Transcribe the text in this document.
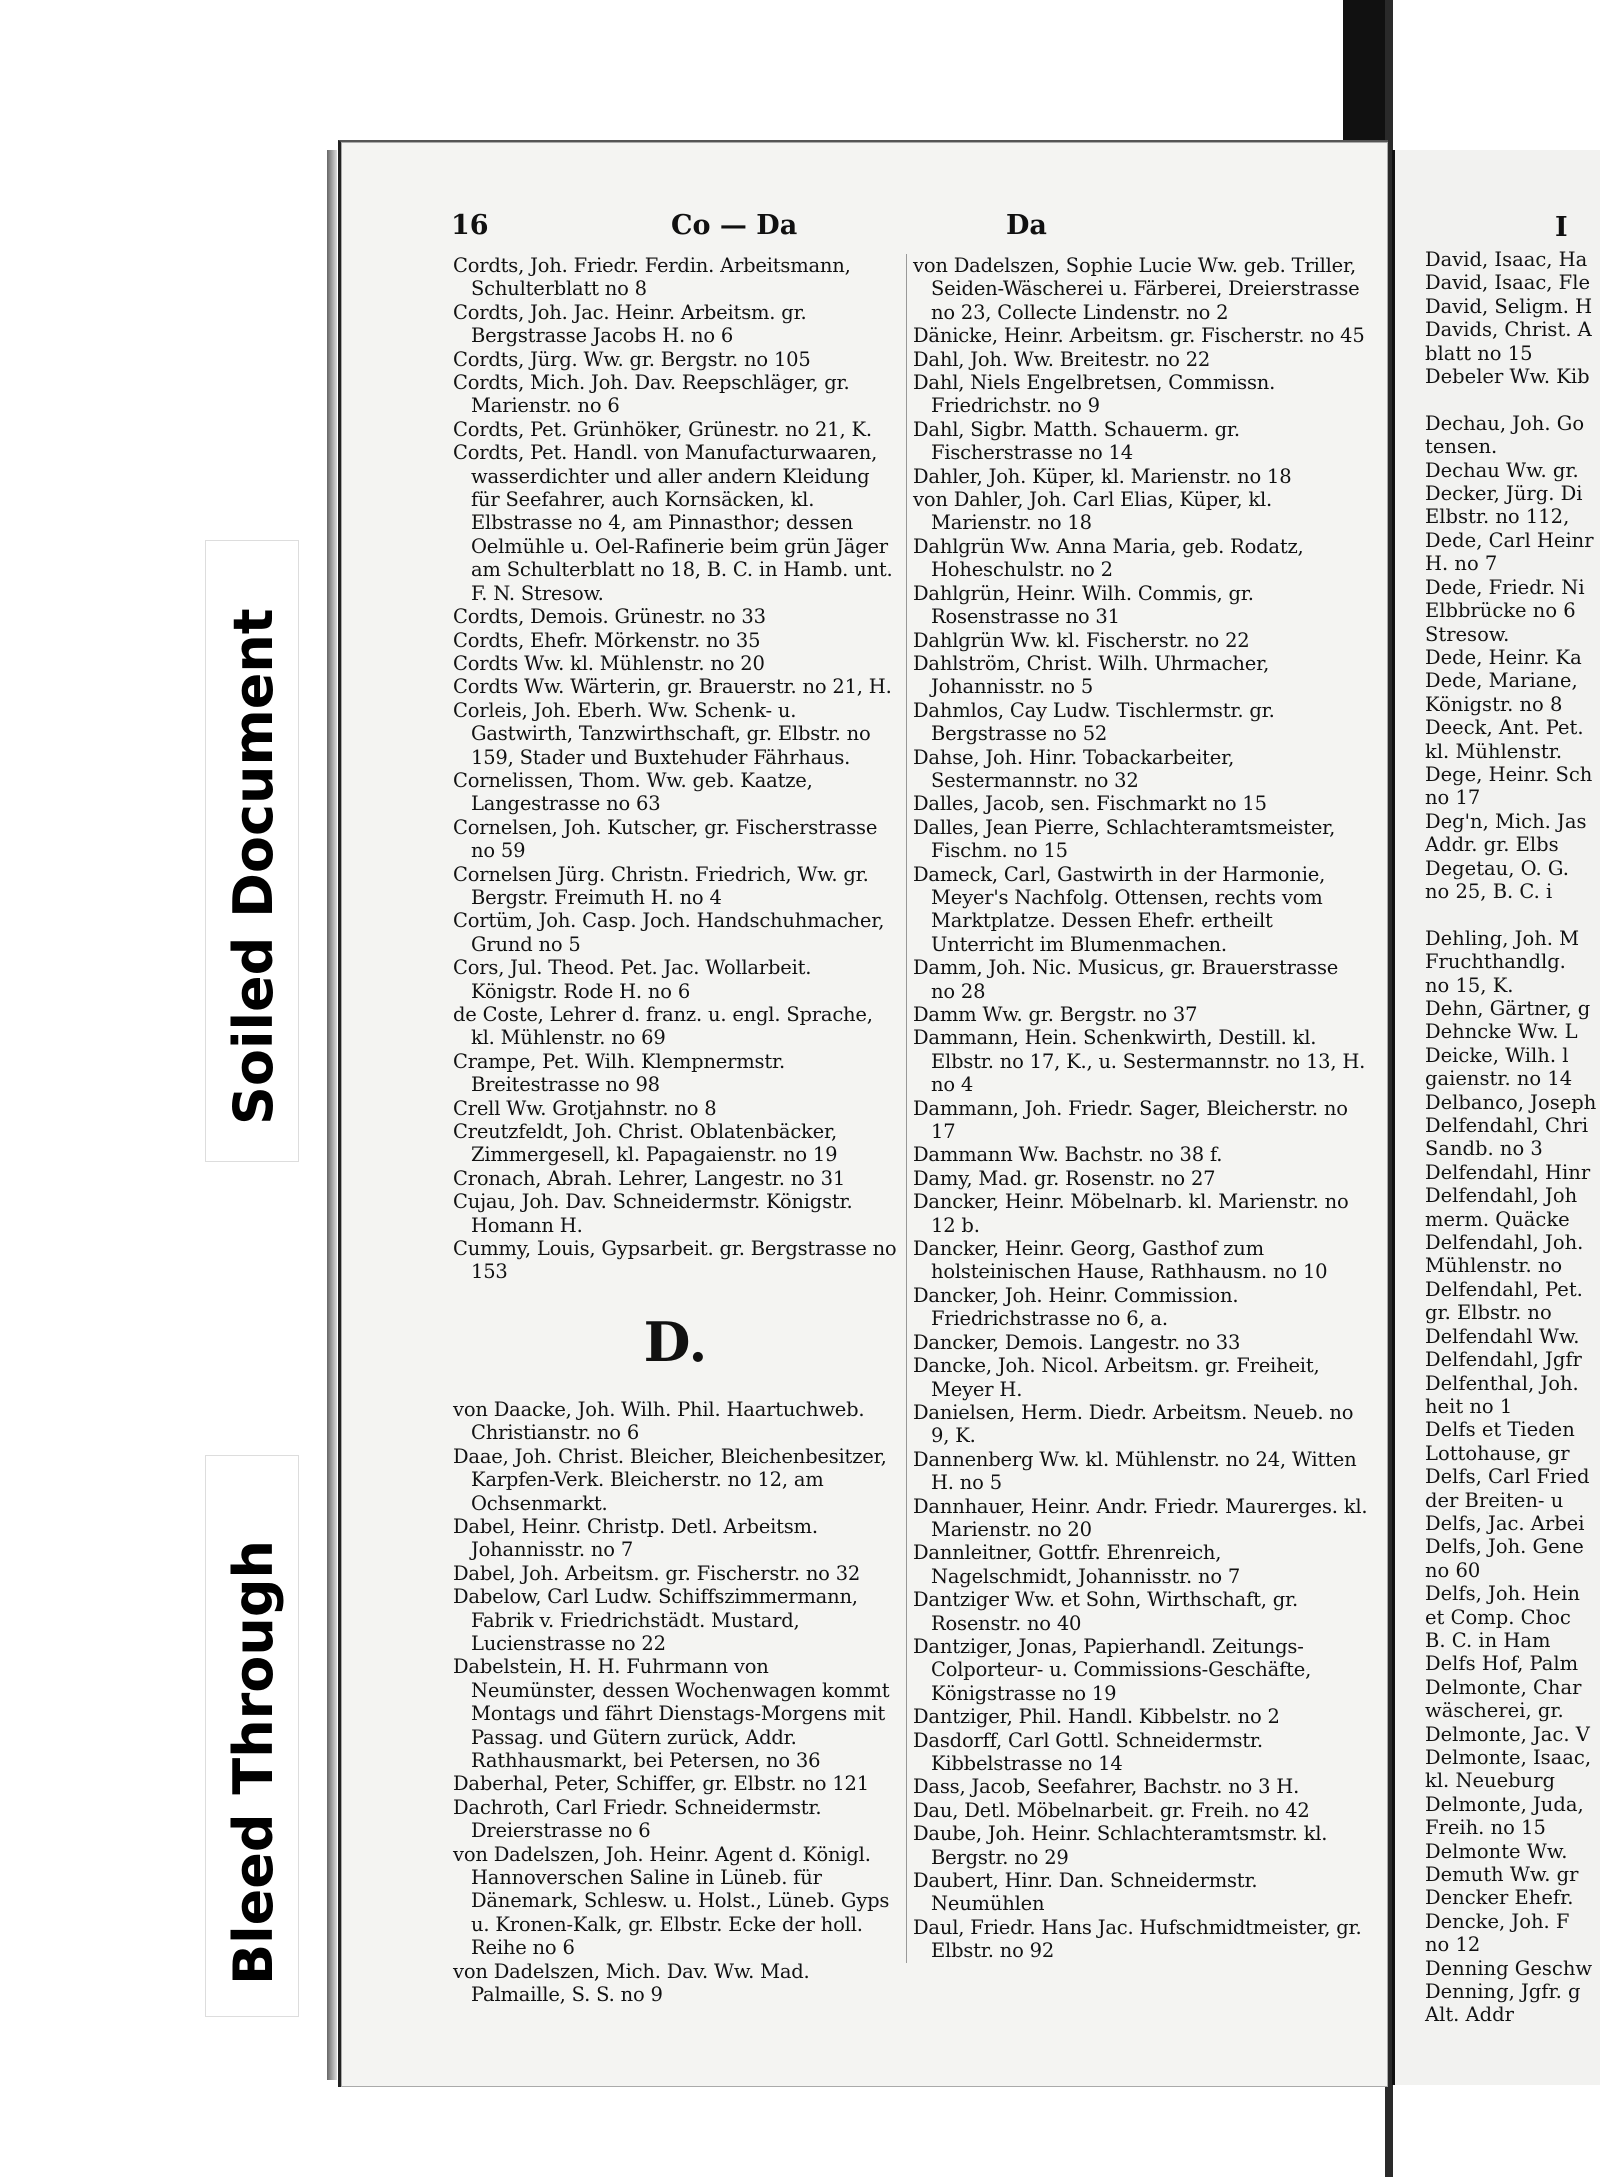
Soiled Document
Bleed Through
16	Co — Da	Da

Cordts, Joh. Friedr. Ferdin. Arbeitsmann, Schulterblatt no 8

Cordts, Joh. Jac. Heinr. Arbeitsm. gr. Bergstrasse Jacobs H. no 6

Cordts, Jürg. Ww. gr. Bergstr. no 105

Cordts, Mich. Joh. Dav. Reepschläger, gr. Marienstr. no 6

Cordts, Pet. Grünhöker, Grünestr. no 21, K.

Cordts, Pet. Handl. von Manufacturwaaren, wasserdichter und aller andern Kleidung für Seefahrer, auch Kornsäcken, kl. Elbstrasse no 4, am Pinnasthor; dessen Oelmühle u. Oel-Rafinerie beim grün Jäger am Schulterblatt no 18, B. C. in Hamb. unt. F. N. Stresow.

Cordts, Demois. Grünestr. no 33

Cordts, Ehefr. Mörkenstr. no 35

Cordts Ww. kl. Mühlenstr. no 20

Cordts Ww. Wärterin, gr. Brauerstr. no 21, H.

Corleis, Joh. Eberh. Ww. Schenk- u. Gastwirth, Tanzwirthschaft, gr. Elbstr. no 159, Stader und Buxtehuder Fährhaus.

Cornelissen, Thom. Ww. geb. Kaatze, Langestrasse no 63

Cornelsen, Joh. Kutscher, gr. Fischerstrasse no 59

Cornelsen Jürg. Christn. Friedrich, Ww. gr. Bergstr. Freimuth H. no 4

Cortüm, Joh. Casp. Joch. Handschuhmacher, Grund no 5

Cors, Jul. Theod. Pet. Jac. Wollarbeit. Königstr. Rode H. no 6

de Coste, Lehrer d. franz. u. engl. Sprache, kl. Mühlenstr. no 69

Crampe, Pet. Wilh. Klempnermstr. Breitestrasse no 98

Crell Ww. Grotjahnstr. no 8

Creutzfeldt, Joh. Christ. Oblatenbäcker, Zimmergesell, kl. Papagaienstr. no 19

Cronach, Abrah. Lehrer, Langestr. no 31

Cujau, Joh. Dav. Schneidermstr. Königstr. Homann H.

Cummy, Louis, Gypsarbeit. gr. Bergstrasse no 153

D.

von Daacke, Joh. Wilh. Phil. Haartuchweb. Christianstr. no 6

Daae, Joh. Christ. Bleicher, Bleichenbesitzer, Karpfen-Verk. Bleicherstr. no 12, am Ochsenmarkt.

Dabel, Heinr. Christp. Detl. Arbeitsm. Johannisstr. no 7

Dabel, Joh. Arbeitsm. gr. Fischerstr. no 32

Dabelow, Carl Ludw. Schiffszimmermann, Fabrik v. Friedrichstädt. Mustard, Lucienstrasse no 22

Dabelstein, H. H. Fuhrmann von Neumünster, dessen Wochenwagen kommt Montags und fährt Dienstags-Morgens mit Passag. und Gütern zurück, Addr. Rathhausmarkt, bei Petersen, no 36

Daberhal, Peter, Schiffer, gr. Elbstr. no 121

Dachroth, Carl Friedr. Schneidermstr. Dreierstrasse no 6

von Dadelszen, Joh. Heinr. Agent d. Königl. Hannoverschen Saline in Lüneb. für Dänemark, Schlesw. u. Holst., Lüneb. Gyps u. Kronen-Kalk, gr. Elbstr. Ecke der holl. Reihe no 6

von Dadelszen, Mich. Dav. Ww. Mad. Palmaille, S. S. no 9

von Dadelszen, Sophie Lucie Ww. geb. Triller, Seiden-Wäscherei u. Färberei, Dreierstrasse no 23, Collecte Lindenstr. no 2

Dänicke, Heinr. Arbeitsm. gr. Fischerstr. no 45

Dahl, Joh. Ww. Breitestr. no 22

Dahl, Niels Engelbretsen, Commissn. Friedrichstr. no 9

Dahl, Sigbr. Matth. Schauerm. gr. Fischerstrasse no 14

Dahler, Joh. Küper, kl. Marienstr. no 18

von Dahler, Joh. Carl Elias, Küper, kl. Marienstr. no 18

Dahlgrün Ww. Anna Maria, geb. Rodatz, Hoheschulstr. no 2

Dahlgrün, Heinr. Wilh. Commis, gr. Rosenstrasse no 31

Dahlgrün Ww. kl. Fischerstr. no 22

Dahlström, Christ. Wilh. Uhrmacher, Johannisstr. no 5

Dahmlos, Cay Ludw. Tischlermstr. gr. Bergstrasse no 52

Dahse, Joh. Hinr. Tobackarbeiter, Sestermannstr. no 32

Dalles, Jacob, sen. Fischmarkt no 15

Dalles, Jean Pierre, Schlachteramtsmeister, Fischm. no 15

Dameck, Carl, Gastwirth in der Harmonie, Meyer's Nachfolg. Ottensen, rechts vom Marktplatze. Dessen Ehefr. ertheilt Unterricht im Blumenmachen.

Damm, Joh. Nic. Musicus, gr. Brauerstrasse no 28

Damm Ww. gr. Bergstr. no 37

Dammann, Hein. Schenkwirth, Destill. kl. Elbstr. no 17, K., u. Sestermannstr. no 13, H. no 4

Dammann, Joh. Friedr. Sager, Bleicherstr. no 17

Dammann Ww. Bachstr. no 38 f.

Damy, Mad. gr. Rosenstr. no 27

Dancker, Heinr. Möbelnarb. kl. Marienstr. no 12 b.

Dancker, Heinr. Georg, Gasthof zum holsteinischen Hause, Rathhausm. no 10

Dancker, Joh. Heinr. Commission. Friedrichstrasse no 6, a.

Dancker, Demois. Langestr. no 33

Dancke, Joh. Nicol. Arbeitsm. gr. Freiheit, Meyer H.

Danielsen, Herm. Diedr. Arbeitsm. Neueb. no 9, K.

Dannenberg Ww. kl. Mühlenstr. no 24, Witten H. no 5

Dannhauer, Heinr. Andr. Friedr. Maurerges. kl. Marienstr. no 20

Dannleitner, Gottfr. Ehrenreich, Nagelschmidt, Johannisstr. no 7

Dantziger Ww. et Sohn, Wirthschaft, gr. Rosenstr. no 40

Dantziger, Jonas, Papierhandl. Zeitungs-Colporteur- u. Commissions-Geschäfte, Königstrasse no 19

Dantziger, Phil. Handl. Kibbelstr. no 2

Dasdorff, Carl Gottl. Schneidermstr. Kibbelstrasse no 14

Dass, Jacob, Seefahrer, Bachstr. no 3 H.

Dau, Detl. Möbelnarbeit. gr. Freih. no 42

Daube, Joh. Heinr. Schlachteramtsmstr. kl. Bergstr. no 29

Daubert, Hinr. Dan. Schneidermstr. Neumühlen

Daul, Friedr. Hans Jac. Hufschmidtmeister, gr. Elbstr. no 92

I
David, Isaac, Ha
David, Isaac, Fle
David, Seligm. H
Davids, Christ. A
blatt no 15
Debeler Ww. Kib

Dechau, Joh. Go
tensen.
Dechau Ww. gr.
Decker, Jürg. Di
Elbstr. no 112,
Dede, Carl Heinr
H. no 7
Dede, Friedr. Ni
Elbbrücke no 6
Stresow.
Dede, Heinr. Ka
Dede, Mariane,
Königstr. no 8
Deeck, Ant. Pet.
kl. Mühlenstr.
Dege, Heinr. Sch
no 17
Deg'n, Mich. Jas
Addr. gr. Elbs
Degetau, O. G.
no 25, B. C. i

Dehling, Joh. M
Fruchthandlg.
no 15, K.
Dehn, Gärtner, g
Dehncke Ww. L
Deicke, Wilh. l
gaienstr. no 14
Delbanco, Joseph
Delfendahl, Chri
Sandb. no 3
Delfendahl, Hinr
Delfendahl, Joh
merm. Quäcke
Delfendahl, Joh.
Mühlenstr. no
Delfendahl, Pet.
gr. Elbstr. no
Delfendahl Ww.
Delfendahl, Jgfr
Delfenthal, Joh.
heit no 1
Delfs et Tieden
Lottohause, gr
Delfs, Carl Fried
der Breiten- u
Delfs, Jac. Arbei
Delfs, Joh. Gene
no 60
Delfs, Joh. Hein
et Comp. Choc
B. C. in Ham
Delfs Hof, Palm
Delmonte, Char
wäscherei, gr.
Delmonte, Jac. V
Delmonte, Isaac,
kl. Neueburg
Delmonte, Juda,
Freih. no 15
Delmonte Ww.
Demuth Ww. gr
Dencker Ehefr.
Dencke, Joh. F
no 12
Denning Geschw
Denning, Jgfr. g
Alt. Addr
